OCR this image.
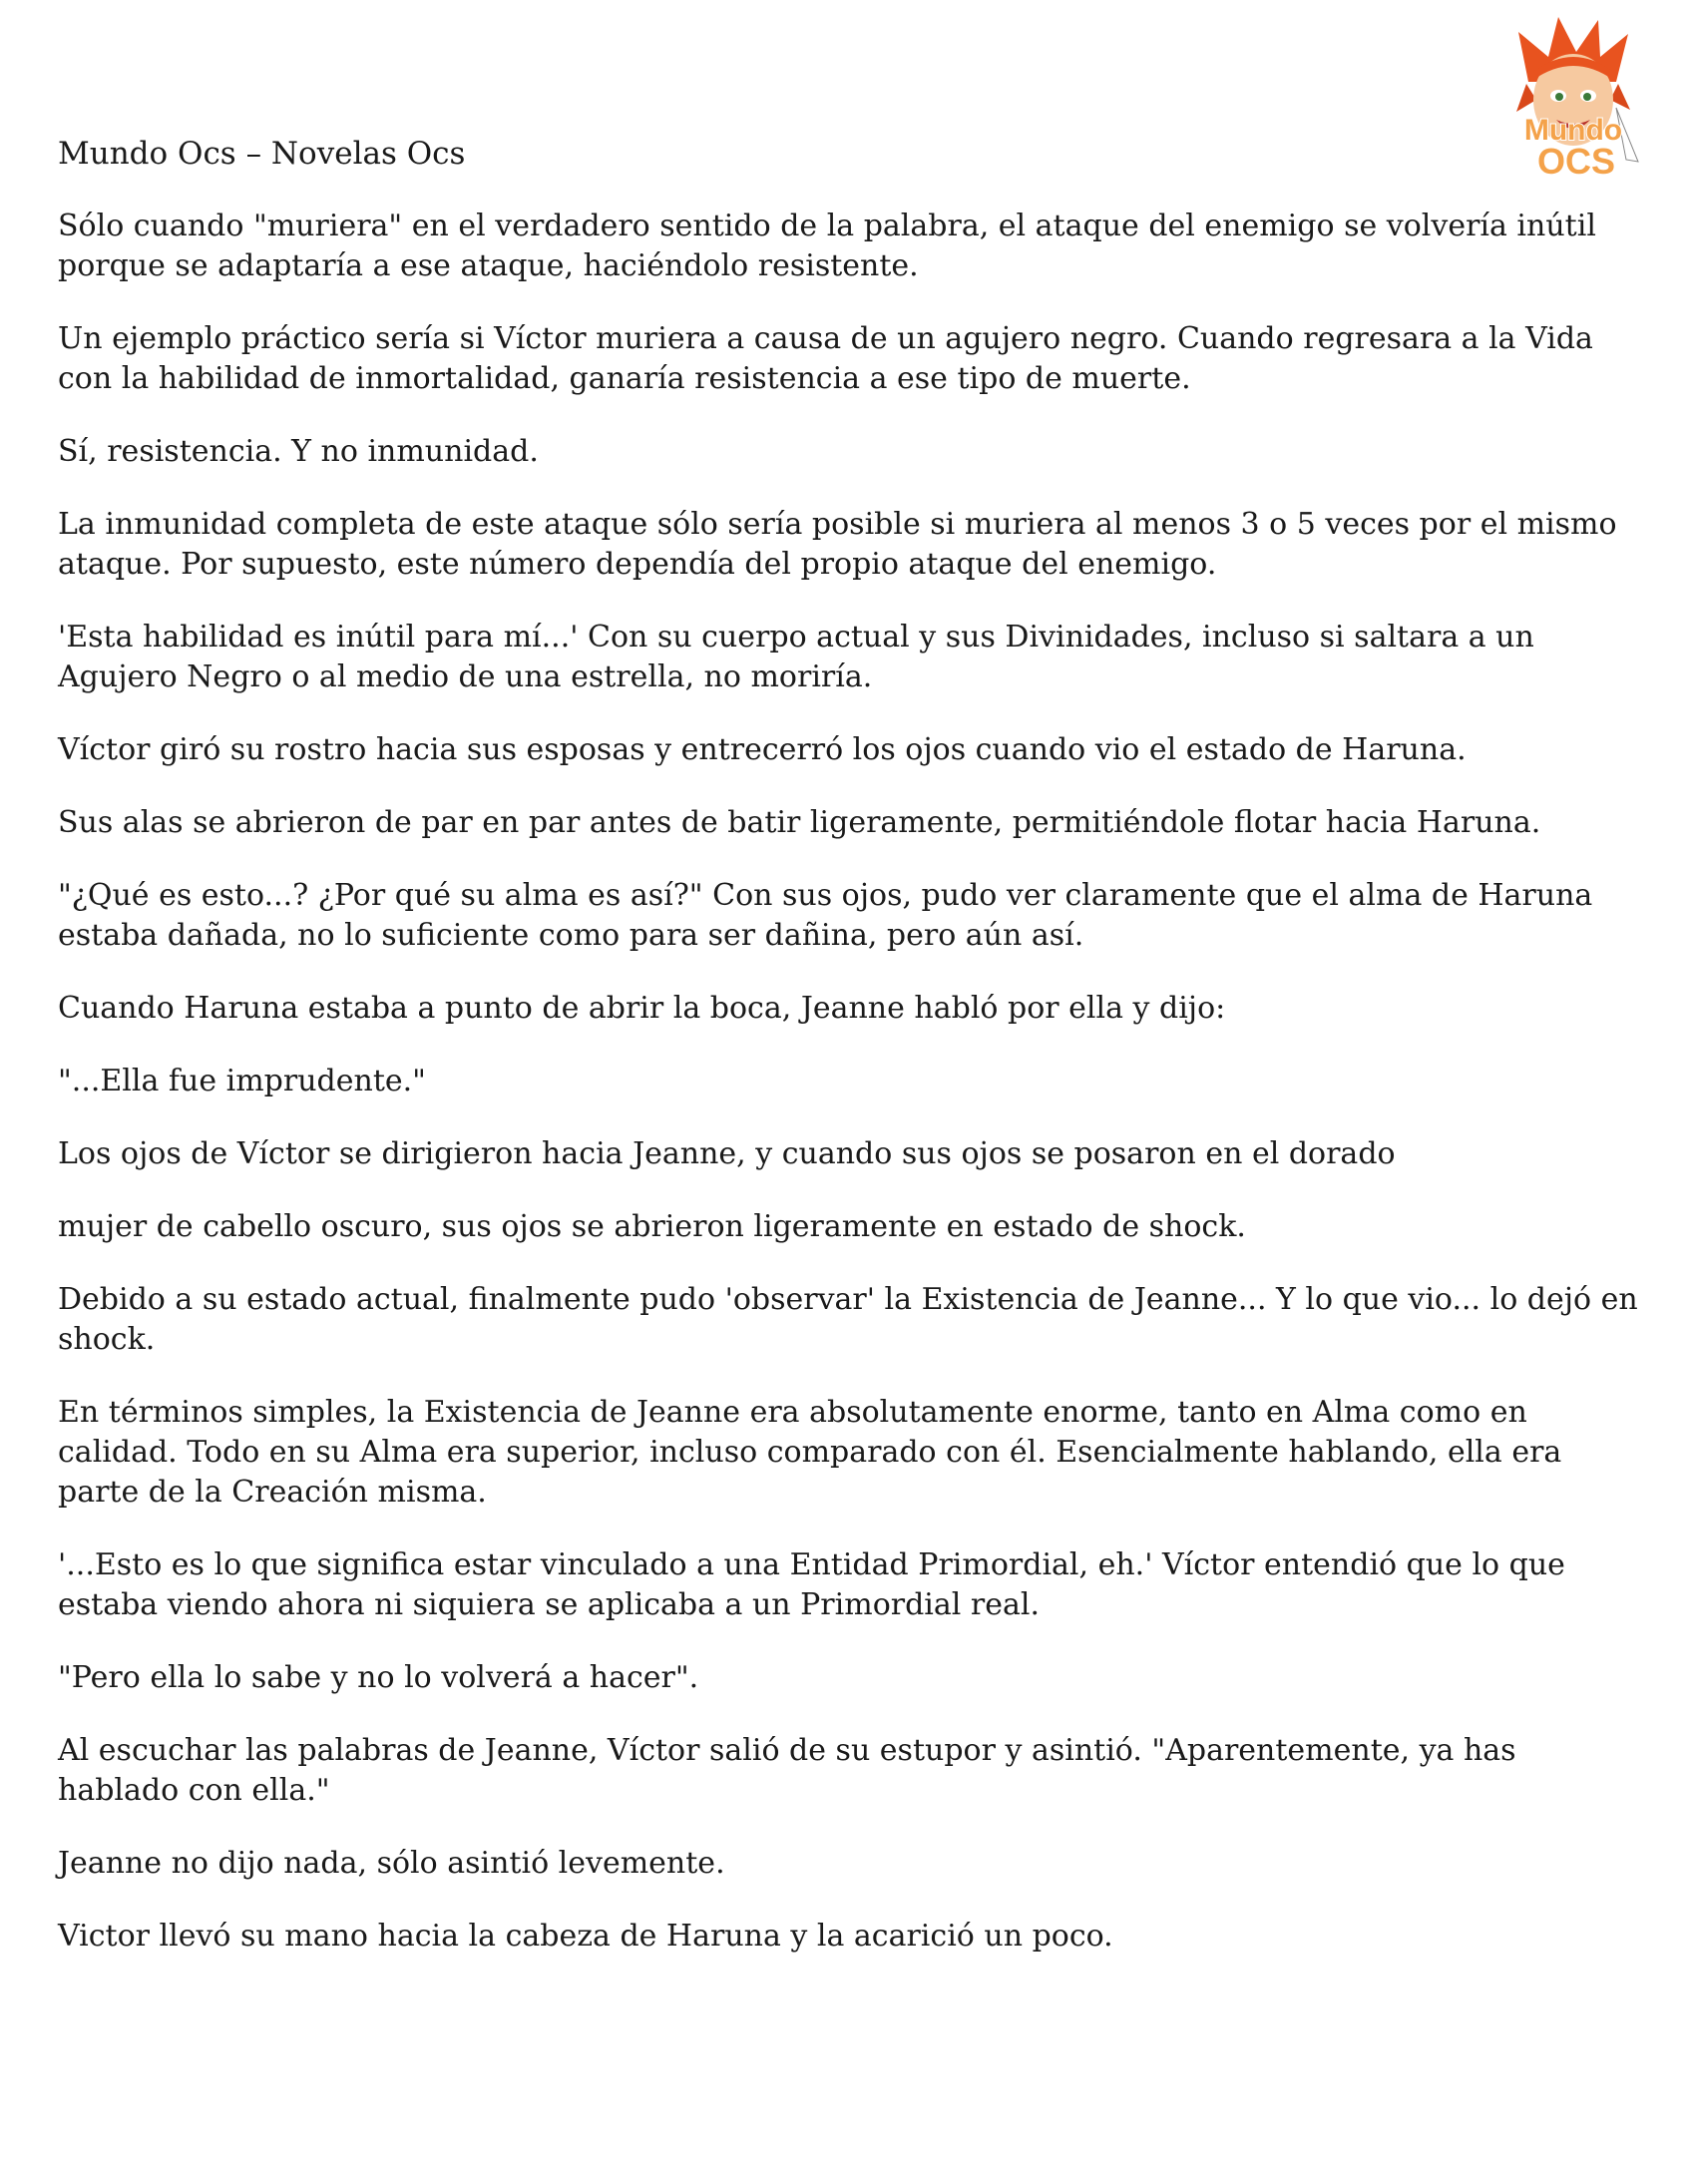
Mundo Ocs – Novelas Ocs
Mundo
OCS

Sólo cuando "muriera" en el verdadero sentido de la palabra, el ataque del enemigo se volvería inútil porque se adaptaría a ese ataque, haciéndolo resistente.

Un ejemplo práctico sería si Víctor muriera a causa de un agujero negro. Cuando regresara a la Vida con la habilidad de inmortalidad, ganaría resistencia a ese tipo de muerte.

Sí, resistencia. Y no inmunidad.

La inmunidad completa de este ataque sólo sería posible si muriera al menos 3 o 5 veces por el mismo ataque. Por supuesto, este número dependía del propio ataque del enemigo.

'Esta habilidad es inútil para mí...' Con su cuerpo actual y sus Divinidades, incluso si saltara a un Agujero Negro o al medio de una estrella, no moriría.

Víctor giró su rostro hacia sus esposas y entrecerró los ojos cuando vio el estado de Haruna.

Sus alas se abrieron de par en par antes de batir ligeramente, permitiéndole flotar hacia Haruna.

"¿Qué es esto...? ¿Por qué su alma es así?" Con sus ojos, pudo ver claramente que el alma de Haruna estaba dañada, no lo suficiente como para ser dañina, pero aún así.

Cuando Haruna estaba a punto de abrir la boca, Jeanne habló por ella y dijo:

"...Ella fue imprudente."

Los ojos de Víctor se dirigieron hacia Jeanne, y cuando sus ojos se posaron en el dorado

mujer de cabello oscuro, sus ojos se abrieron ligeramente en estado de shock.

Debido a su estado actual, finalmente pudo 'observar' la Existencia de Jeanne... Y lo que vio... lo dejó en shock.

En términos simples, la Existencia de Jeanne era absolutamente enorme, tanto en Alma como en calidad. Todo en su Alma era superior, incluso comparado con él. Esencialmente hablando, ella era parte de la Creación misma.

'...Esto es lo que significa estar vinculado a una Entidad Primordial, eh.' Víctor entendió que lo que estaba viendo ahora ni siquiera se aplicaba a un Primordial real.

"Pero ella lo sabe y no lo volverá a hacer".

Al escuchar las palabras de Jeanne, Víctor salió de su estupor y asintió. "Aparentemente, ya has hablado con ella."

Jeanne no dijo nada, sólo asintió levemente.

Victor llevó su mano hacia la cabeza de Haruna y la acarició un poco.
